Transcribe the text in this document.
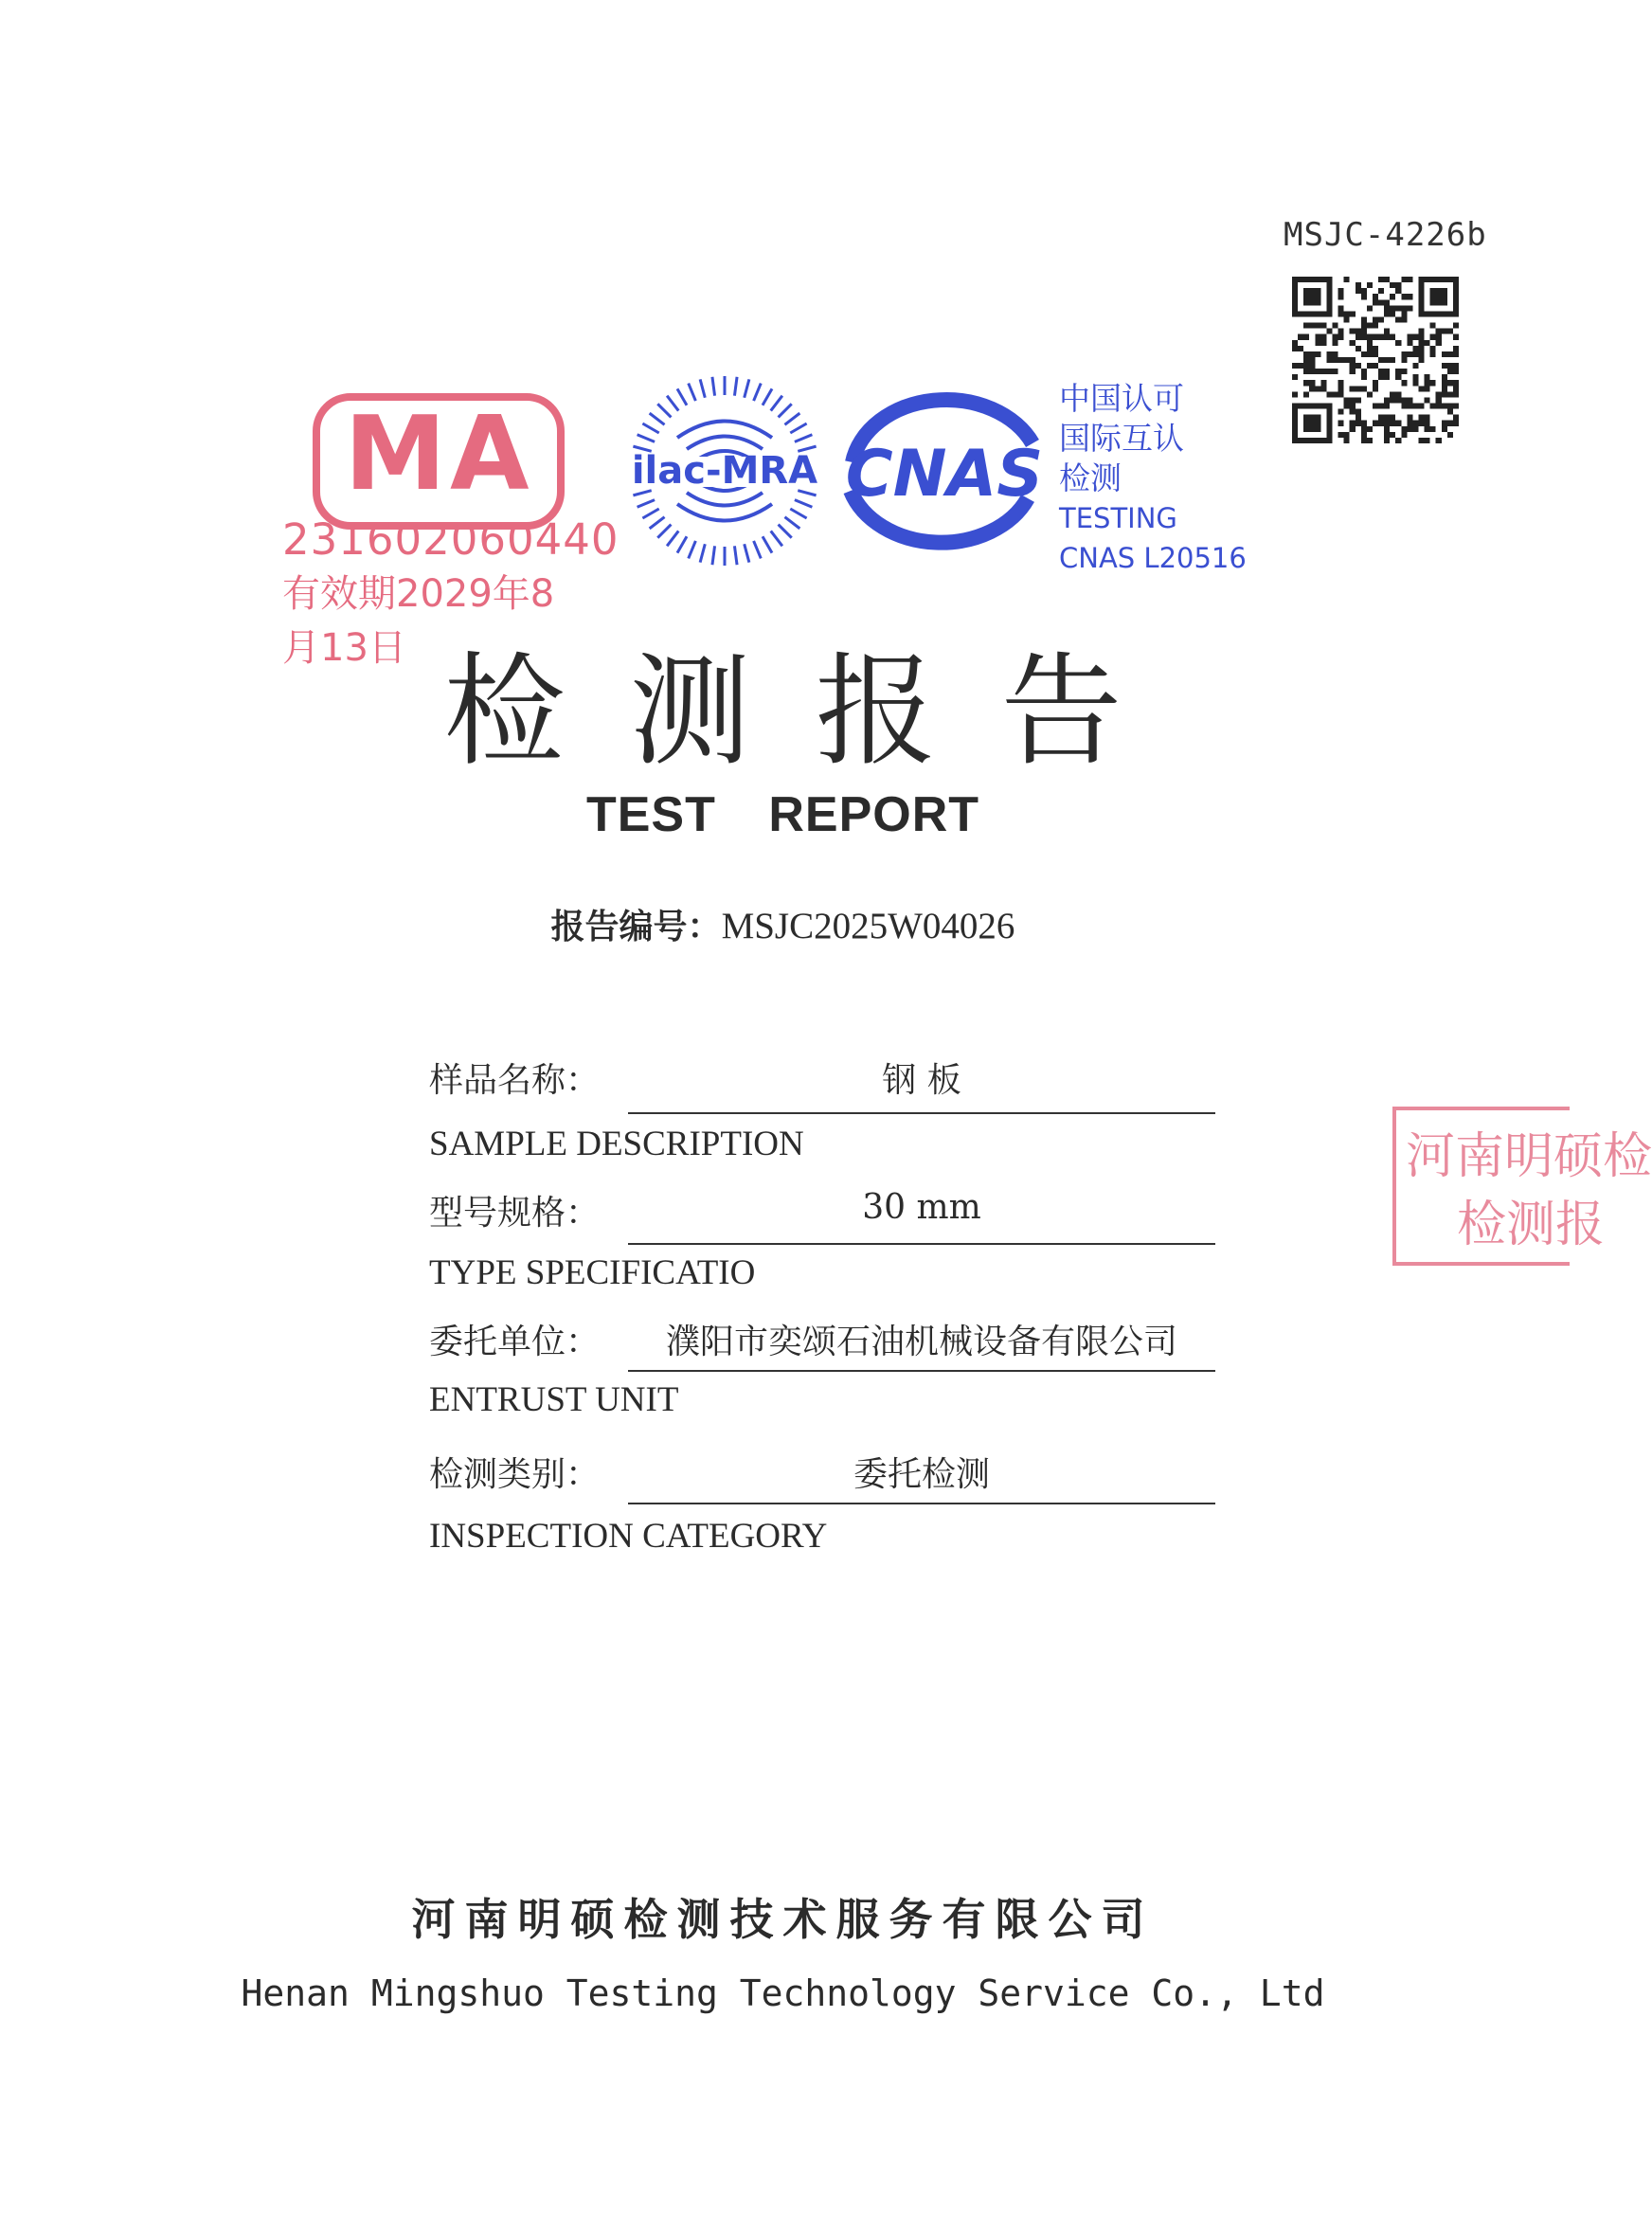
MSJC-4226b
MA
231602060440
有效期2029年8月13日
ilac-MRA CNAS
中国认可
国际互认
检测
TESTING
CNAS L20516
检测报告
TEST REPORT
报告编号：MSJC2025W04026
样品名称：	钢 板
SAMPLE DESCRIPTION
型号规格：	30 mm
TYPE SPECIFICATIO
委托单位：	濮阳市奕颂石油机械设备有限公司
ENTRUST UNIT
检测类别：	委托检测
INSPECTION CATEGORY
河南明硕检
检测报
河南明硕检测技术服务有限公司
Henan Mingshuo Testing Technology Service Co., Ltd
